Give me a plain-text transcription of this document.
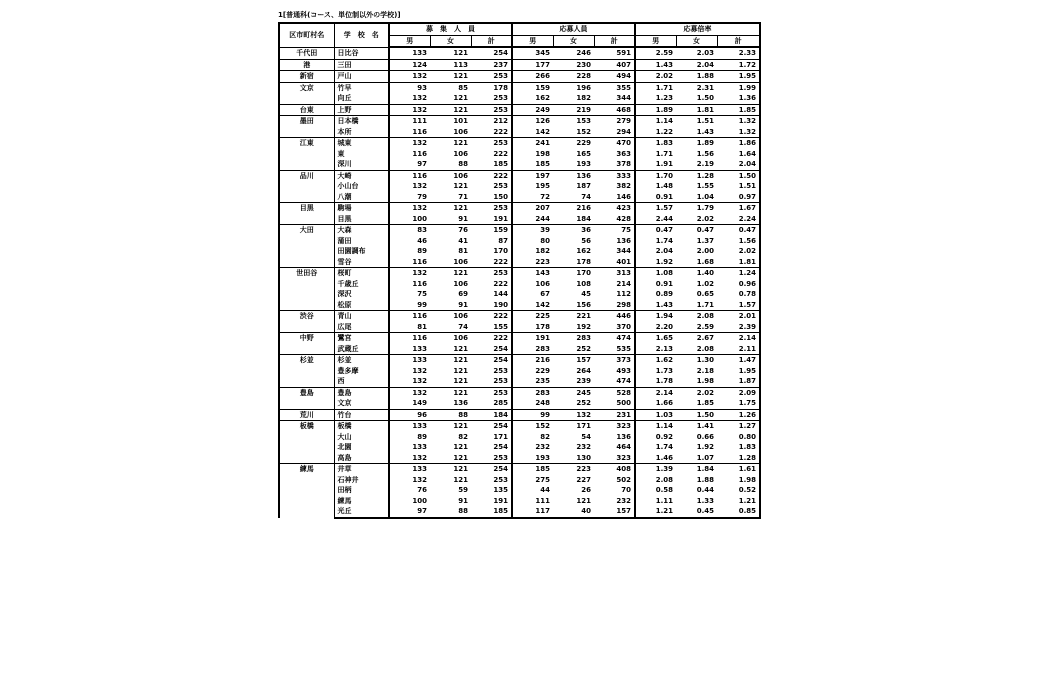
1[普通科(コース、単位制以外の学校)]
区市町村名	学　校　名	募　集　人　員			応募人員			応募倍率		
		男	女	計	男	女	計	男	女	計
千代田	日比谷	133	121	254	345	246	591	2.59	2.03	2.33
港	三田	124	113	237	177	230	407	1.43	2.04	1.72
新宿	戸山	132	121	253	266	228	494	2.02	1.88	1.95
文京	竹早	93	85	178	159	196	355	1.71	2.31	1.99

向丘	132	121	253	162	182	344	1.23	1.50	1.36
台東	上野	132	121	253	249	219	468	1.89	1.81	1.85
墨田	日本橋	111	101	212	126	153	279	1.14	1.51	1.32

本所	116	106	222	142	152	294	1.22	1.43	1.32
江東	城東	132	121	253	241	229	470	1.83	1.89	1.86

東	116	106	222	198	165	363	1.71	1.56	1.64

深川	97	88	185	185	193	378	1.91	2.19	2.04
品川	大崎	116	106	222	197	136	333	1.70	1.28	1.50

小山台	132	121	253	195	187	382	1.48	1.55	1.51

八潮	79	71	150	72	74	146	0.91	1.04	0.97
目黒	駒場	132	121	253	207	216	423	1.57	1.79	1.67

目黒	100	91	191	244	184	428	2.44	2.02	2.24
大田	大森	83	76	159	39	36	75	0.47	0.47	0.47

蒲田	46	41	87	80	56	136	1.74	1.37	1.56

田園調布	89	81	170	182	162	344	2.04	2.00	2.02

雪谷	116	106	222	223	178	401	1.92	1.68	1.81
世田谷	桜町	132	121	253	143	170	313	1.08	1.40	1.24

千歳丘	116	106	222	106	108	214	0.91	1.02	0.96

深沢	75	69	144	67	45	112	0.89	0.65	0.78

松原	99	91	190	142	156	298	1.43	1.71	1.57
渋谷	青山	116	106	222	225	221	446	1.94	2.08	2.01

広尾	81	74	155	178	192	370	2.20	2.59	2.39
中野	鷺宮	116	106	222	191	283	474	1.65	2.67	2.14

武蔵丘	133	121	254	283	252	535	2.13	2.08	2.11
杉並	杉並	133	121	254	216	157	373	1.62	1.30	1.47

豊多摩	132	121	253	229	264	493	1.73	2.18	1.95

西	132	121	253	235	239	474	1.78	1.98	1.87
豊島	豊島	132	121	253	283	245	528	2.14	2.02	2.09

文京	149	136	285	248	252	500	1.66	1.85	1.75
荒川	竹台	96	88	184	99	132	231	1.03	1.50	1.26
板橋	板橋	133	121	254	152	171	323	1.14	1.41	1.27

大山	89	82	171	82	54	136	0.92	0.66	0.80

北園	133	121	254	232	232	464	1.74	1.92	1.83

高島	132	121	253	193	130	323	1.46	1.07	1.28
練馬	井草	133	121	254	185	223	408	1.39	1.84	1.61

石神井	132	121	253	275	227	502	2.08	1.88	1.98

田柄	76	59	135	44	26	70	0.58	0.44	0.52

練馬	100	91	191	111	121	232	1.11	1.33	1.21

光丘	97	88	185	117	40	157	1.21	0.45	0.85
